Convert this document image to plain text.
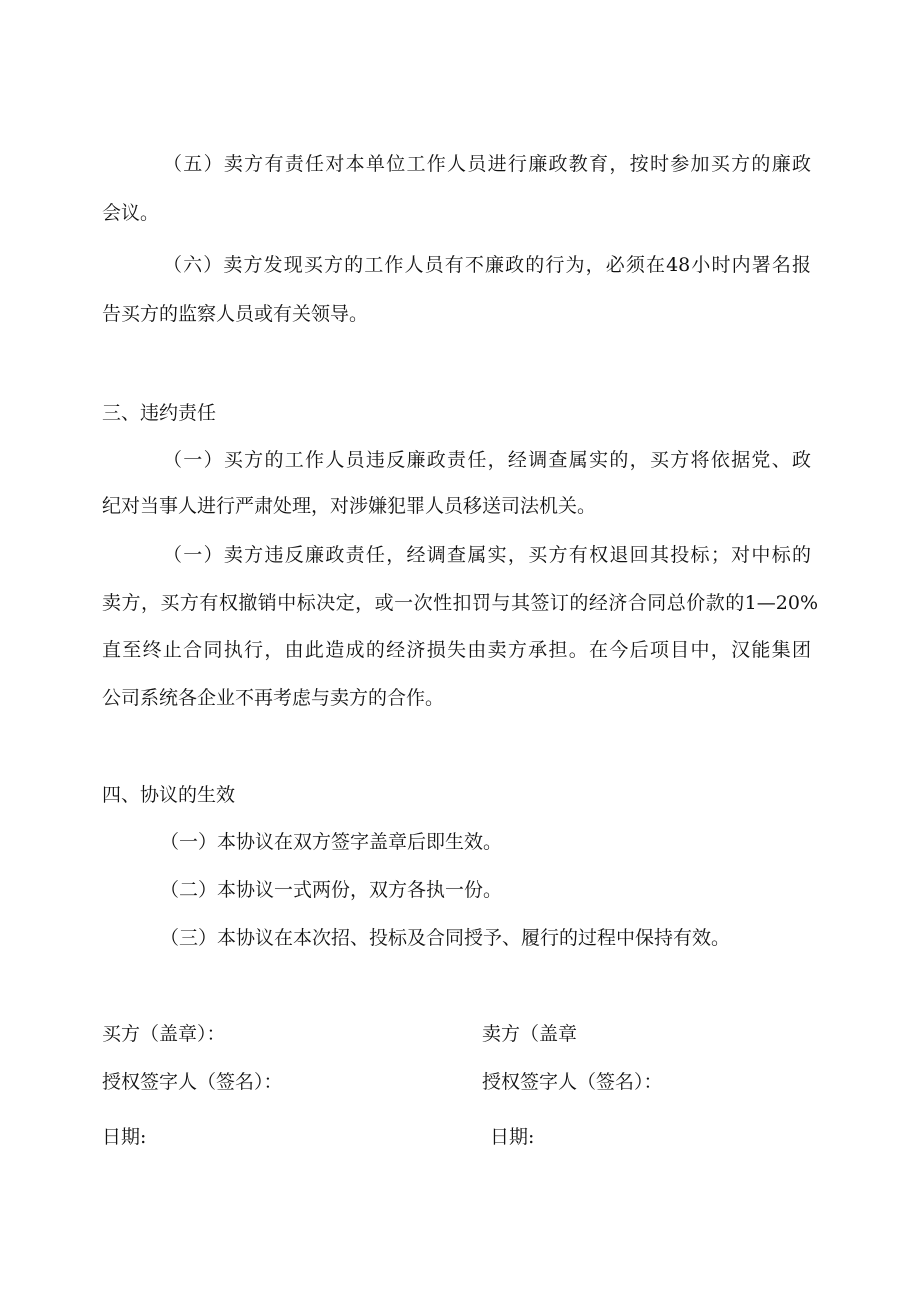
（五）卖方有责任对本单位工作人员进行廉政教育，按时参加买方的廉政
会议。
（六）卖方发现买方的工作人员有不廉政的行为，必须在48小时内署名报
告买方的监察人员或有关领导。
三、违约责任
（一）买方的工作人员违反廉政责任，经调查属实的，买方将依据党、政
纪对当事人进行严肃处理，对涉嫌犯罪人员移送司法机关。
（一）卖方违反廉政责任，经调查属实，买方有权退回其投标；对中标的
卖方，买方有权撤销中标决定，或一次性扣罚与其签订的经济合同总价款的1—20%
直至终止合同执行，由此造成的经济损失由卖方承担。在今后项目中，汉能集团
公司系统各企业不再考虑与卖方的合作。
四、协议的生效
（一）本协议在双方签字盖章后即生效。
（二）本协议一式两份，双方各执一份。
（三）本协议在本次招、投标及合同授予、履行的过程中保持有效。
买方（盖章）：	卖方（盖章
授权签字人（签名）：	授权签字人（签名）：
日期:	日期:
